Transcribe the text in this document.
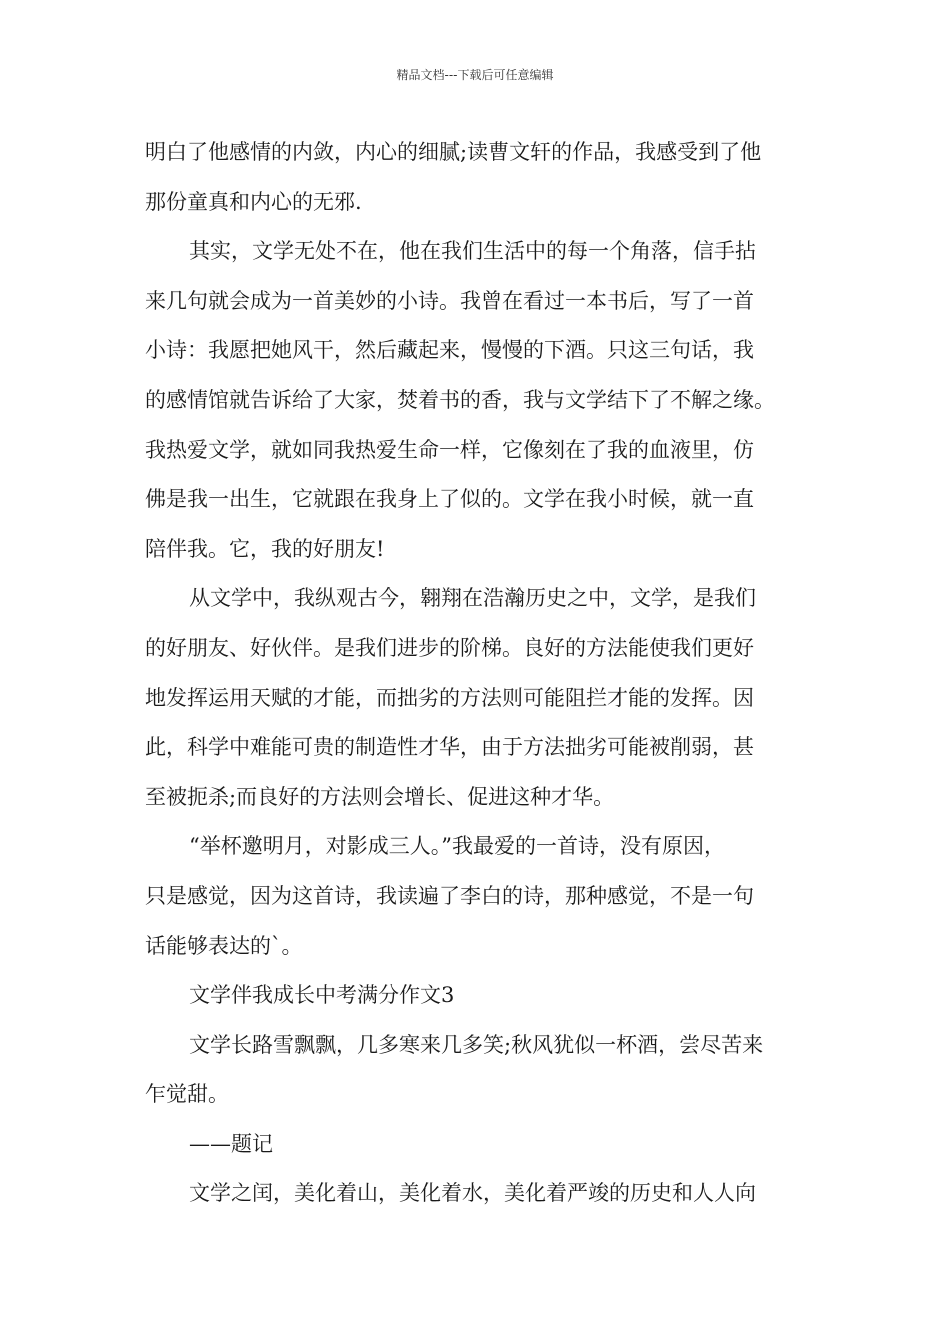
精品文档---下载后可任意编辑
明白了他感情的内敛，内心的细腻;读曹文轩的作品，我感受到了他
那份童真和内心的无邪.
其实，文学无处不在，他在我们生活中的每一个角落，信手拈
来几句就会成为一首美妙的小诗。我曾在看过一本书后，写了一首
小诗：我愿把她风干，然后藏起来，慢慢的下酒。只这三句话，我
的感情馆就告诉给了大家，焚着书的香，我与文学结下了不解之缘。
我热爱文学，就如同我热爱生命一样，它像刻在了我的血液里，仿
佛是我一出生，它就跟在我身上了似的。文学在我小时候，就一直
陪伴我。它，我的好朋友!
从文学中，我纵观古今，翱翔在浩瀚历史之中，文学，是我们
的好朋友、好伙伴。是我们进步的阶梯。良好的方法能使我们更好
地发挥运用天赋的才能，而拙劣的方法则可能阻拦才能的发挥。因
此，科学中难能可贵的制造性才华，由于方法拙劣可能被削弱，甚
至被扼杀;而良好的方法则会增长、促进这种才华。
“举杯邀明月，对影成三人。”我最爱的一首诗，没有原因，
只是感觉，因为这首诗，我读遍了李白的诗，那种感觉，不是一句
话能够表达的`。
文学伴我成长中考满分作文3
文学长路雪飘飘，几多寒来几多笑;秋风犹似一杯酒，尝尽苦来
乍觉甜。
——题记
文学之闰，美化着山，美化着水，美化着严竣的历史和人人向
